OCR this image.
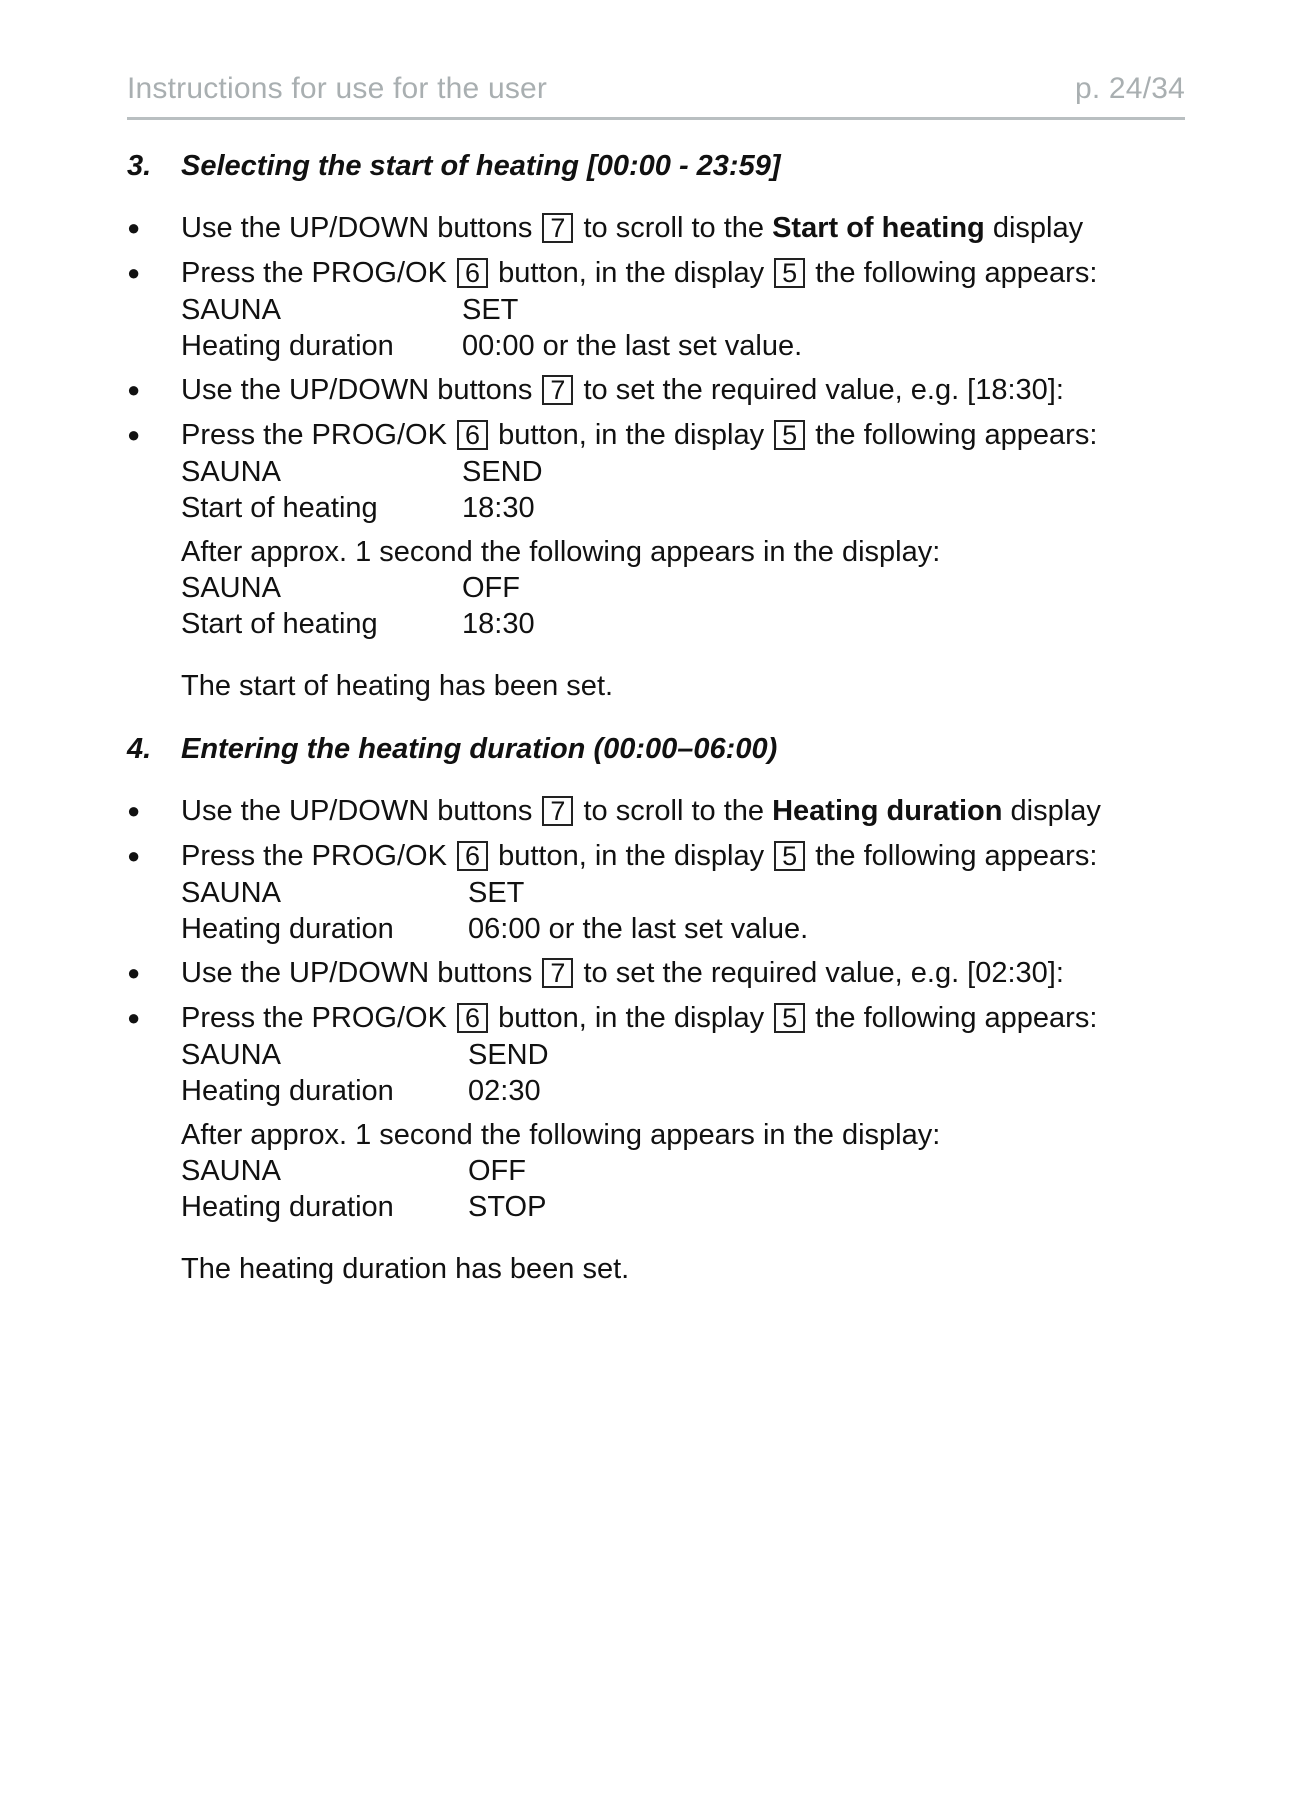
Instructions for use for the user	p. 24/34
3. Selecting the start of heating [00:00 - 23:59]
●	Use the UP/DOWN buttons 7 to scroll to the Start of heating display
●	Press the PROG/OK 6 button, in the display 5 the following appears:
SAUNA	SET
Heating duration 00:00 or the last set value.
●	Use the UP/DOWN buttons 7 to set the required value, e.g. [18:30]:
●	Press the PROG/OK 6 button, in the display 5 the following appears:
SAUNA	SEND
Start of heating	18:30
After approx. 1 second the following appears in the display:
SAUNA	OFF
Start of heating	18:30
The start of heating has been set.
4. Entering the heating duration (00:00–06:00)
●	Use the UP/DOWN buttons 7 to scroll to the Heating duration display
●	Press the PROG/OK 6 button, in the display 5 the following appears:
SAUNA	SET
Heating duration	06:00 or the last set value.
●	Use the UP/DOWN buttons 7 to set the required value, e.g. [02:30]:
●	Press the PROG/OK 6 button, in the display 5 the following appears:
SAUNA	SEND
Heating duration	02:30
After approx. 1 second the following appears in the display:
SAUNA	OFF
Heating duration	STOP
The heating duration has been set.
